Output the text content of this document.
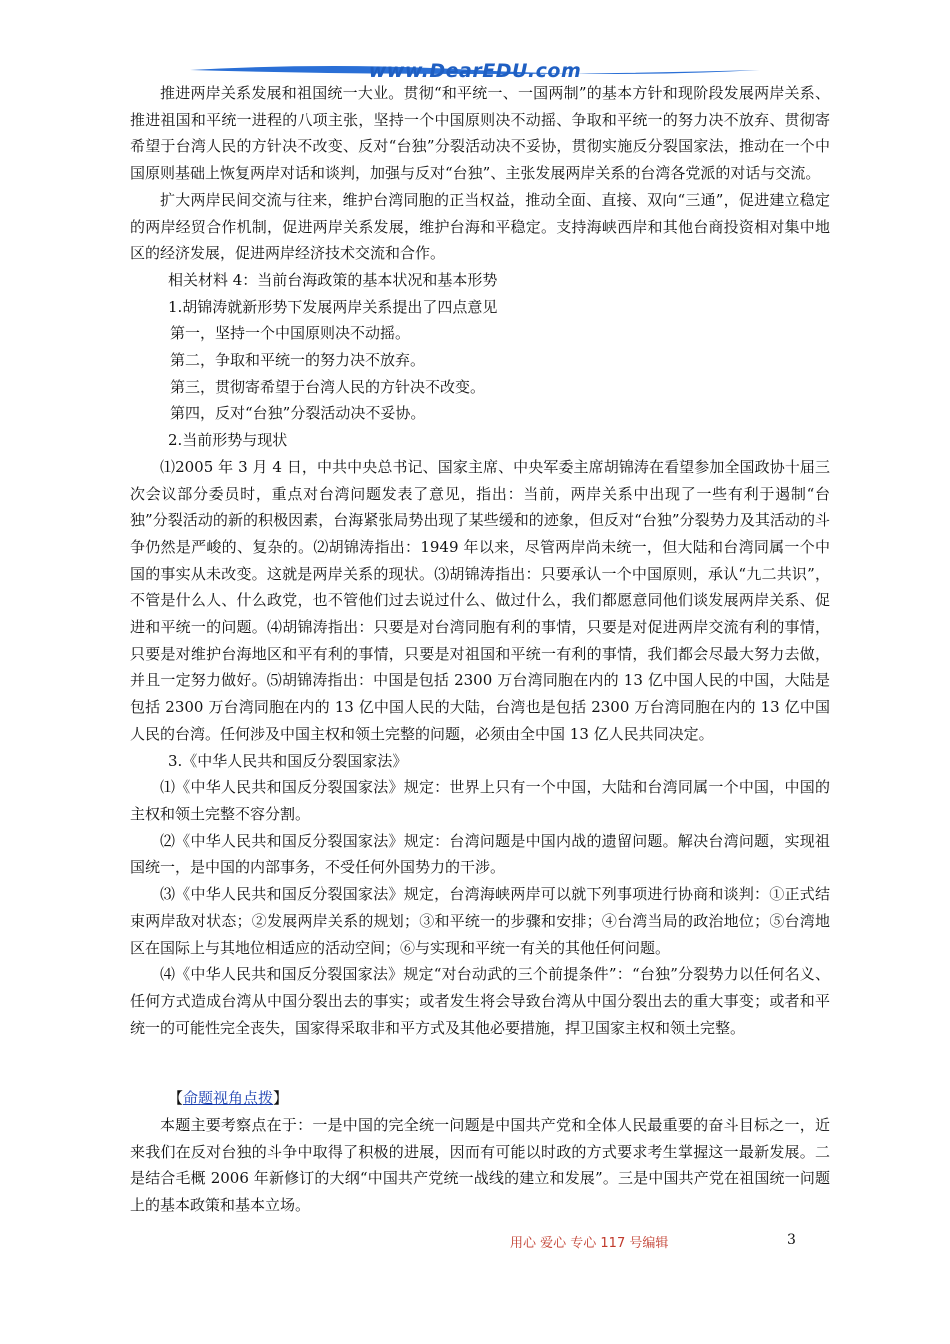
www.DearEDU.com

推进两岸关系发展和祖国统一大业。贯彻“和平统一、一国两制”的基本方针和现阶段发展两岸关系、推进祖国和平统一进程的八项主张，坚持一个中国原则决不动摇、争取和平统一的努力决不放弃、贯彻寄希望于台湾人民的方针决不改变、反对“台独”分裂活动决不妥协，贯彻实施反分裂国家法，推动在一个中国原则基础上恢复两岸对话和谈判，加强与反对“台独”、主张发展两岸关系的台湾各党派的对话与交流。

扩大两岸民间交流与往来，维护台湾同胞的正当权益，推动全面、直接、双向“三通”，促进建立稳定的两岸经贸合作机制，促进两岸关系发展，维护台海和平稳定。支持海峡西岸和其他台商投资相对集中地区的经济发展，促进两岸经济技术交流和合作。

相关材料 4：当前台海政策的基本状况和基本形势

1.胡锦涛就新形势下发展两岸关系提出了四点意见

第一，坚持一个中国原则决不动摇。

第二，争取和平统一的努力决不放弃。

第三，贯彻寄希望于台湾人民的方针决不改变。

第四，反对“台独”分裂活动决不妥协。

2.当前形势与现状

⑴2005 年 3 月 4 日，中共中央总书记、国家主席、中央军委主席胡锦涛在看望参加全国政协十届三次会议部分委员时，重点对台湾问题发表了意见，指出：当前，两岸关系中出现了一些有利于遏制“台独”分裂活动的新的积极因素，台海紧张局势出现了某些缓和的迹象，但反对“台独”分裂势力及其活动的斗争仍然是严峻的、复杂的。⑵胡锦涛指出：1949 年以来，尽管两岸尚未统一，但大陆和台湾同属一个中国的事实从未改变。这就是两岸关系的现状。⑶胡锦涛指出：只要承认一个中国原则，承认“九二共识”，不管是什么人、什么政党，也不管他们过去说过什么、做过什么，我们都愿意同他们谈发展两岸关系、促进和平统一的问题。⑷胡锦涛指出：只要是对台湾同胞有利的事情，只要是对促进两岸交流有利的事情，只要是对维护台海地区和平有利的事情，只要是对祖国和平统一有利的事情，我们都会尽最大努力去做，并且一定努力做好。⑸胡锦涛指出：中国是包括 2300 万台湾同胞在内的 13 亿中国人民的中国，大陆是包括 2300 万台湾同胞在内的 13 亿中国人民的大陆，台湾也是包括 2300 万台湾同胞在内的 13 亿中国人民的台湾。任何涉及中国主权和领土完整的问题，必须由全中国 13 亿人民共同决定。

3.《中华人民共和国反分裂国家法》

⑴《中华人民共和国反分裂国家法》规定：世界上只有一个中国，大陆和台湾同属一个中国，中国的主权和领土完整不容分割。

⑵《中华人民共和国反分裂国家法》规定：台湾问题是中国内战的遗留问题。解决台湾问题，实现祖国统一，是中国的内部事务，不受任何外国势力的干涉。

⑶《中华人民共和国反分裂国家法》规定，台湾海峡两岸可以就下列事项进行协商和谈判：①正式结束两岸敌对状态；②发展两岸关系的规划；③和平统一的步骤和安排；④台湾当局的政治地位；⑤台湾地区在国际上与其地位相适应的活动空间；⑥与实现和平统一有关的其他任何问题。

⑷《中华人民共和国反分裂国家法》规定“对台动武的三个前提条件”：“台独”分裂势力以任何名义、任何方式造成台湾从中国分裂出去的事实；或者发生将会导致台湾从中国分裂出去的重大事变；或者和平统一的可能性完全丧失，国家得采取非和平方式及其他必要措施，捍卫国家主权和领土完整。

【命题视角点拨】

本题主要考察点在于：一是中国的完全统一问题是中国共产党和全体人民最重要的奋斗目标之一，近来我们在反对台独的斗争中取得了积极的进展，因而有可能以时政的方式要求考生掌握这一最新发展。二是结合毛概 2006 年新修订的大纲“中国共产党统一战线的建立和发展”。三是中国共产党在祖国统一问题上的基本政策和基本立场。

用心 爱心 专心 117 号编辑	3
